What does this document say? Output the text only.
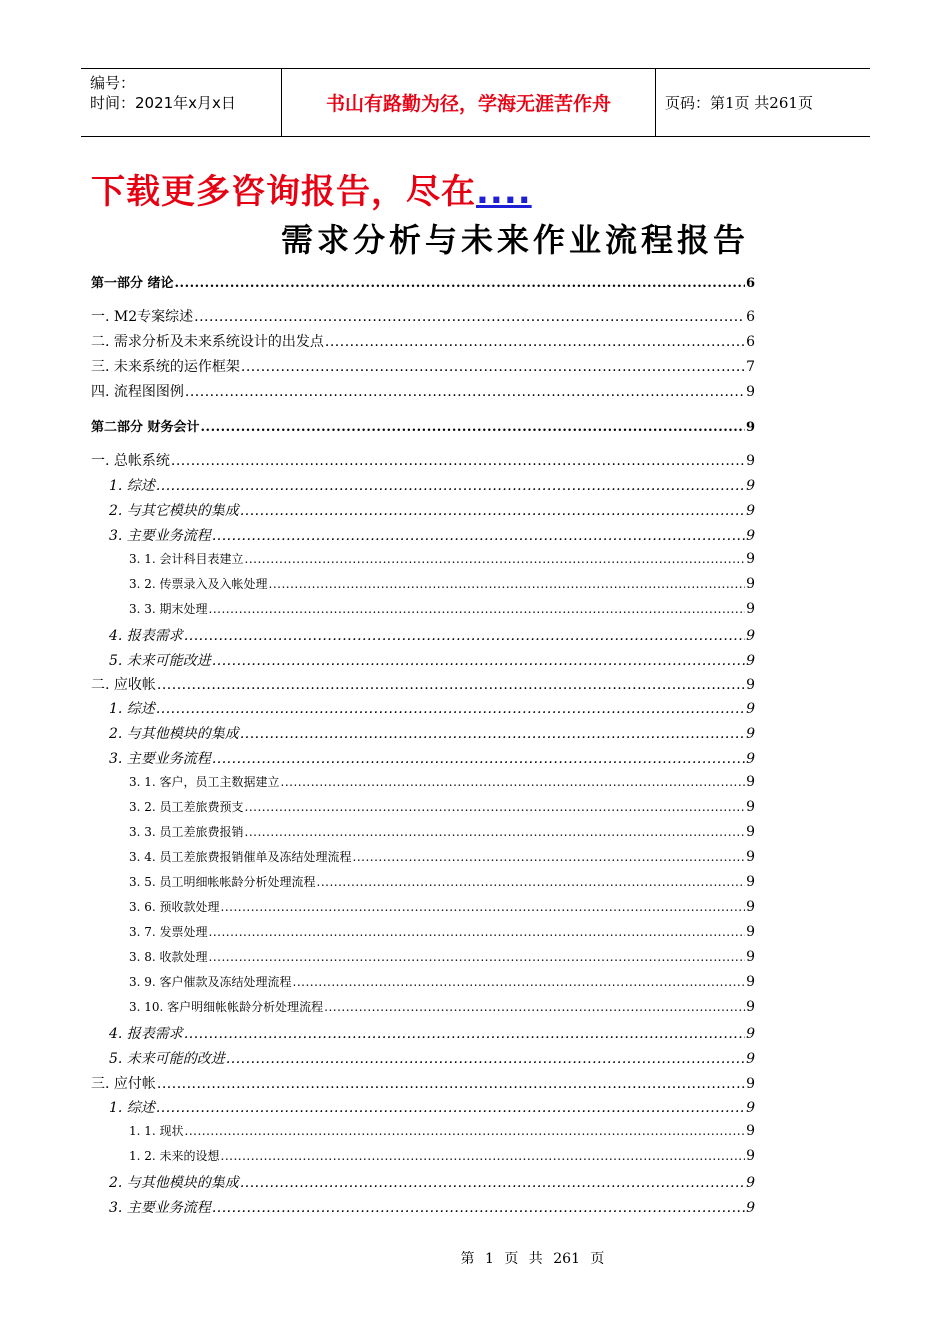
编号：
时间：2021年x月x日	书山有路勤为径，学海无涯苦作舟	页码：第1页 共261页
下载更多咨询报告，尽在....
需求分析与未来作业流程报告
第一部分 绪论 .....	6
一. M2专案综述 .....	6
二. 需求分析及未来系统设计的出发点 .....	6
三. 未来系统的运作框架 .....	7
四. 流程图图例 .....	9
第二部分 财务会计 .....	9
一. 总帐系统 .....	9
1. 综述 .....	9
2. 与其它模块的集成 .....	9
3. 主要业务流程 .....	9
3. 1. 会计科目表建立 .....	9
3. 2. 传票录入及入帐处理 .....	9
3. 3. 期末处理 .....	9
4. 报表需求 .....	9
5. 未来可能改进 .....	9
二. 应收帐 .....	9
1. 综述 .....	9
2. 与其他模块的集成 .....	9
3. 主要业务流程 .....	9
3. 1. 客户，员工主数据建立 .....	9
3. 2. 员工差旅费预支 .....	9
3. 3. 员工差旅费报销 .....	9
3. 4. 员工差旅费报销催单及冻结处理流程 .....	9
3. 5. 员工明细帐帐龄分析处理流程 .....	9
3. 6. 预收款处理 .....	9
3. 7. 发票处理 .....	9
3. 8. 收款处理 .....	9
3. 9. 客户催款及冻结处理流程 .....	9
3. 10. 客户明细帐帐龄分析处理流程 .....	9
4. 报表需求 .....	9
5. 未来可能的改进 .....	9
三. 应付帐 .....	9
1. 综述 .....	9
1. 1. 现状 .....	9
1. 2. 未来的设想 .....	9
2. 与其他模块的集成 .....	9
3. 主要业务流程 .....	9
第 1 页 共 261 页
